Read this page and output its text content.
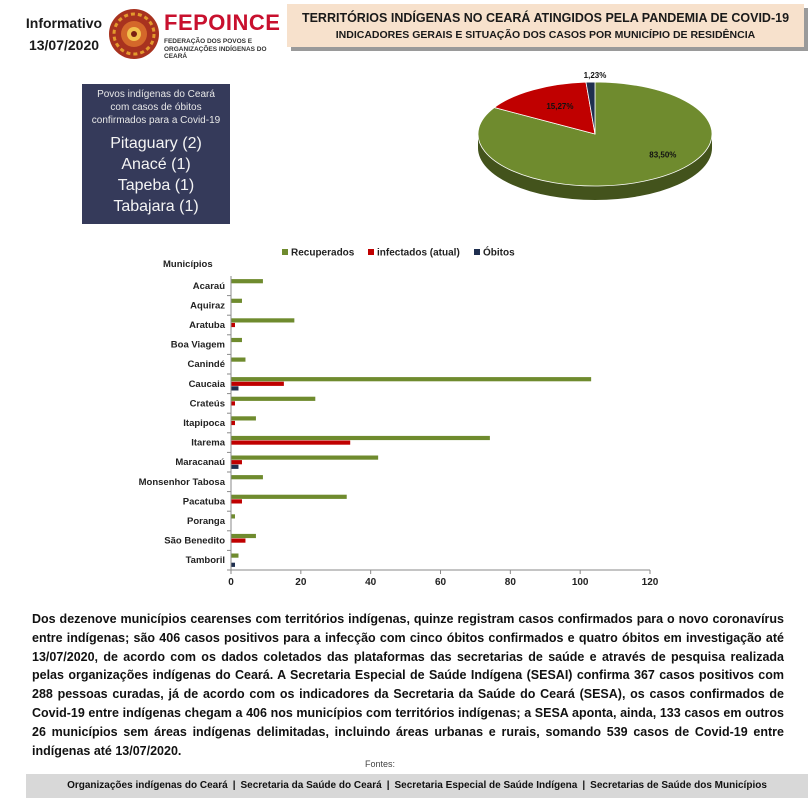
Informativo
13/07/2020
FEPOINCE
FEDERAÇÃO DOS POVOS E ORGANIZAÇÕES INDÍGENAS DO CEARÁ
TERRITÓRIOS INDÍGENAS NO CEARÁ ATINGIDOS PELA PANDEMIA DE COVID-19
INDICADORES GERAIS E SITUAÇÃO DOS CASOS POR MUNICÍPIO DE RESIDÊNCIA
Povos indígenas do Ceará com casos de óbitos confirmados para a Covid-19
Pitaguary (2)
Anacé (1)
Tapeba (1)
Tabajara (1)
83,50%
15,27%
1,23%
Recuperados infectados (atual) Óbitos
Municípios
0	20	40	60	80	100	120
Acaraú
Aquiraz
Aratuba
Boa Viagem
Canindé
Caucaia
Crateús
Itapipoca
Itarema
Maracanaú
Monsenhor Tabosa
Pacatuba
Poranga
São Benedito
Tamboril
Dos dezenove municípios cearenses com territórios indígenas, quinze registram casos confirmados para o novo coronavírus entre indígenas; são 406 casos positivos para a infecção com cinco óbitos confirmados e quatro óbitos em investigação até 13/07/2020, de acordo com os dados coletados das plataformas das secretarias de saúde e através de pesquisa realizada pelas organizações indígenas do Ceará. A Secretaria Especial de Saúde Indígena (SESAI) confirma 367 casos positivos com 288 pessoas curadas, já de acordo com os indicadores da Secretaria da Saúde do Ceará (SESA), os casos confirmados de Covid-19 entre indígenas chegam a 406 nos municípios com territórios indígenas; a SESA aponta, ainda, 133 casos em outros 26 municípios sem áreas indígenas delimitadas, incluindo áreas urbanas e rurais, somando 539 casos de Covid-19 entre indígenas até 13/07/2020.
Fontes:
Organizações indígenas do Ceará | Secretaria da Saúde do Ceará | Secretaria Especial de Saúde Indígena | Secretarias de Saúde dos Municípios
